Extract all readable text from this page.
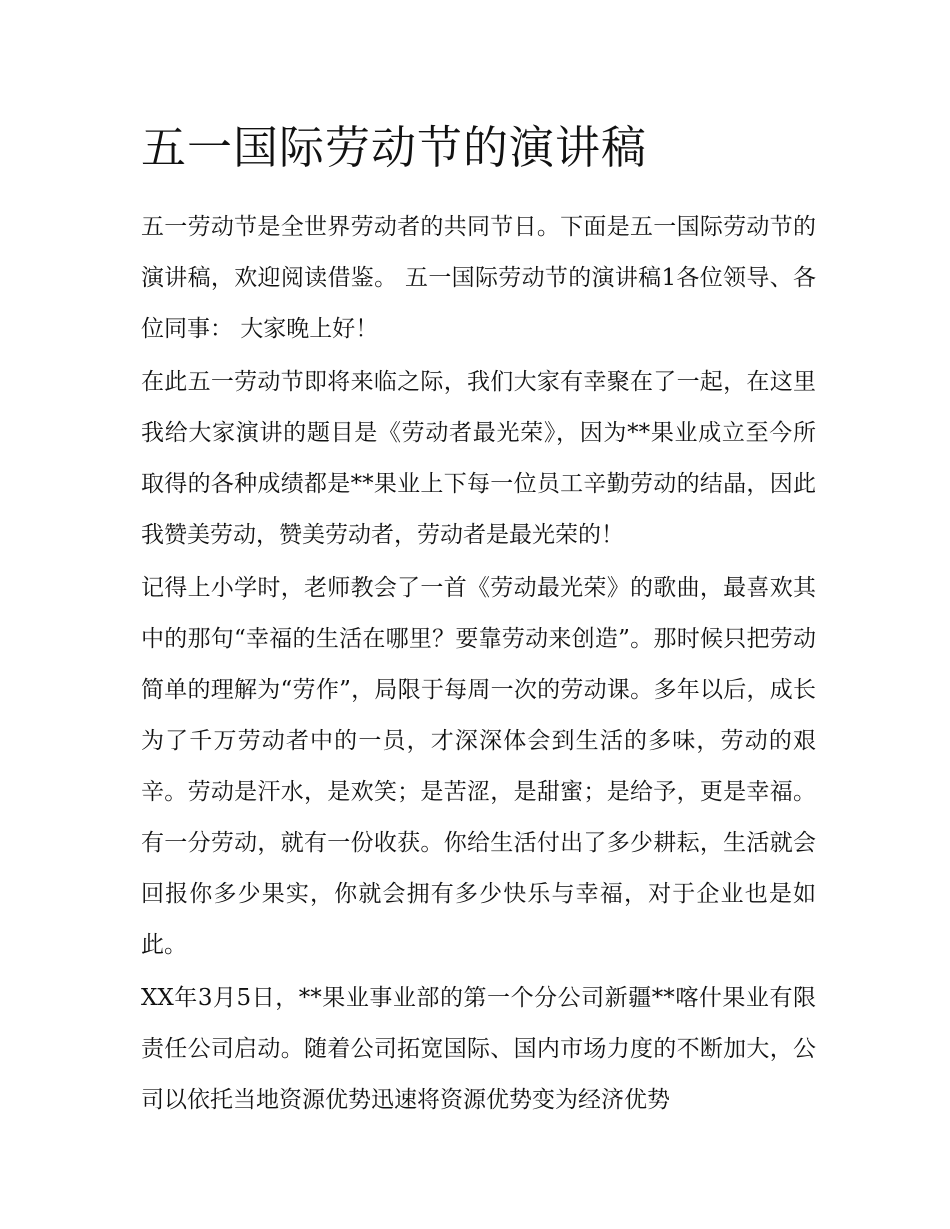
五一国际劳动节的演讲稿

五一劳动节是全世界劳动者的共同节日。下面是五一国际劳动节的演讲稿，欢迎阅读借鉴。 五一国际劳动节的演讲稿1各位领导、各位同事： 大家晚上好！

在此五一劳动节即将来临之际，我们大家有幸聚在了一起，在这里我给大家演讲的题目是《劳动者最光荣》，因为**果业成立至今所取得的各种成绩都是**果业上下每一位员工辛勤劳动的结晶，因此我赞美劳动，赞美劳动者，劳动者是最光荣的！

记得上小学时，老师教会了一首《劳动最光荣》的歌曲，最喜欢其中的那句“幸福的生活在哪里？要靠劳动来创造”。那时候只把劳动简单的理解为“劳作”，局限于每周一次的劳动课。多年以后，成长为了千万劳动者中的一员，才深深体会到生活的多味，劳动的艰辛。劳动是汗水，是欢笑；是苦涩，是甜蜜；是给予，更是幸福。有一分劳动，就有一份收获。你给生活付出了多少耕耘，生活就会回报你多少果实，你就会拥有多少快乐与幸福，对于企业也是如此。

XX年3月5日，**果业事业部的第一个分公司新疆**喀什果业有限责任公司启动。随着公司拓宽国际、国内市场力度的不断加大，公司以依托当地资源优势迅速将资源优势变为经济优势
